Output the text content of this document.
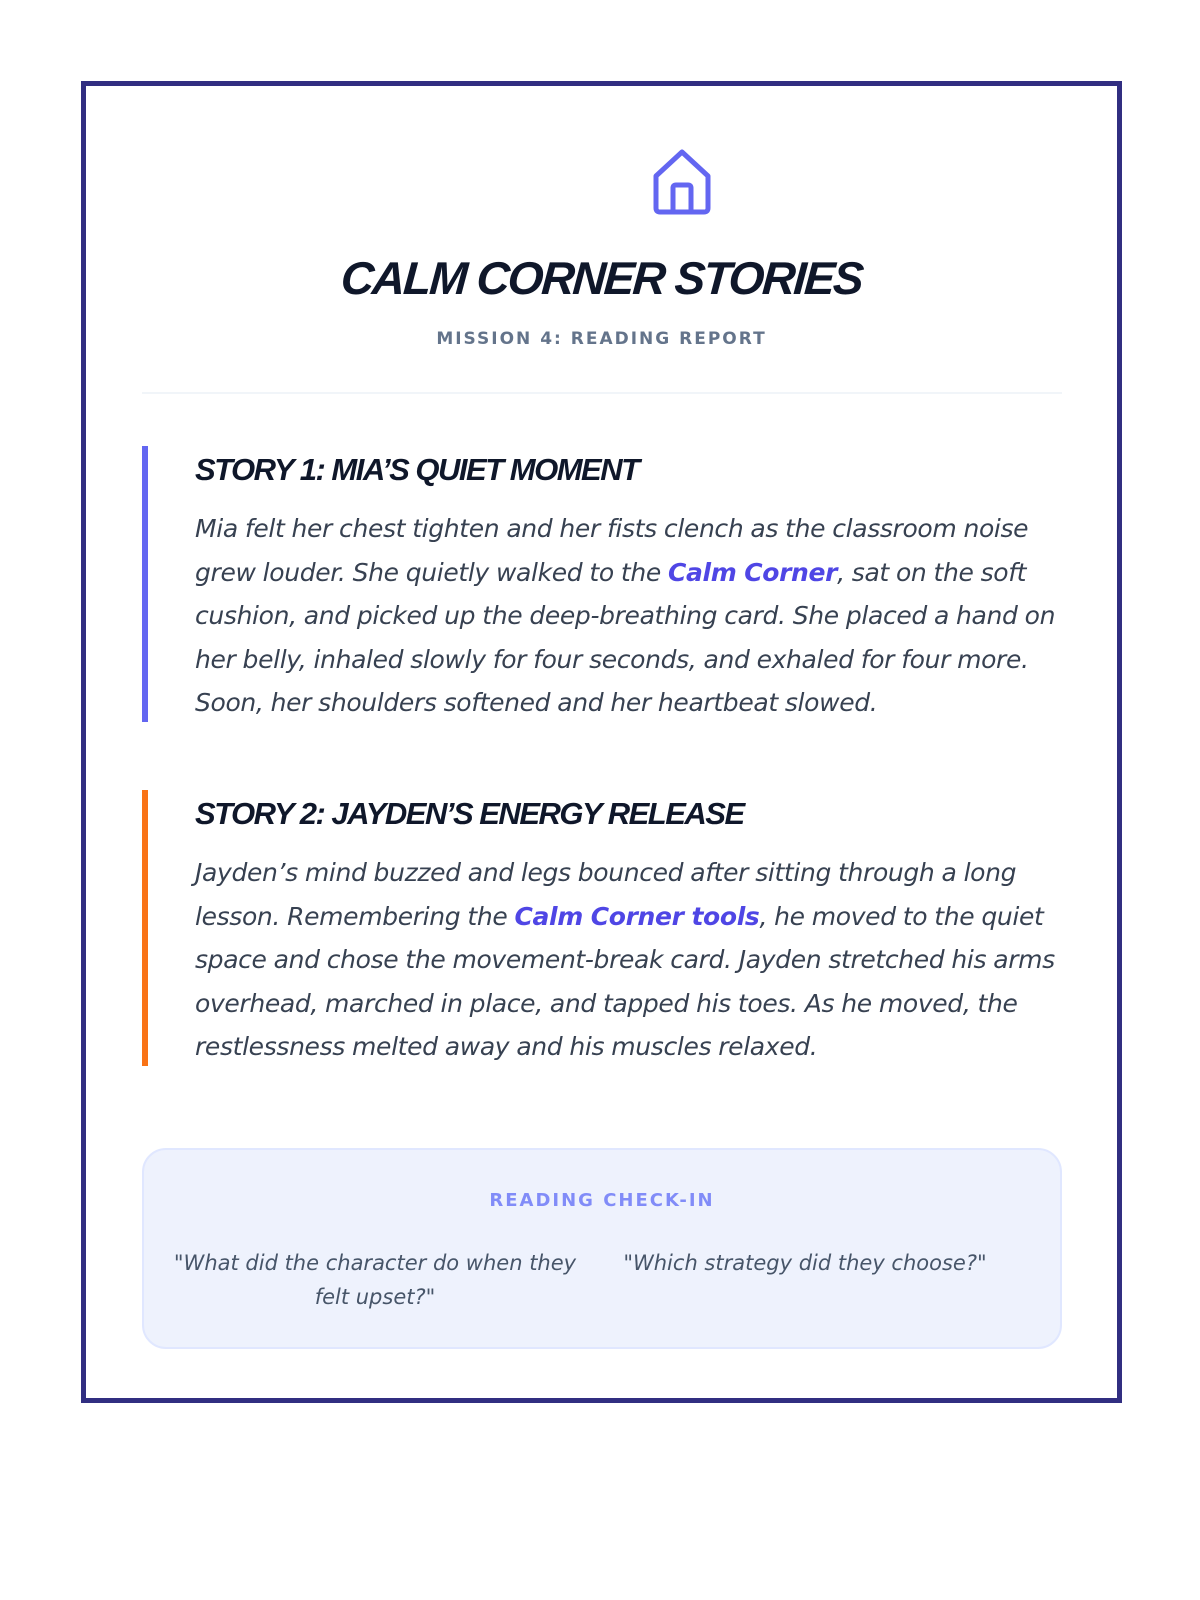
CALM CORNER STORIES
MISSION 4: READING REPORT
STORY 1: MIA’S QUIET MOMENT

Mia felt her chest tighten and her fists clench as the classroom noise grew louder. She quietly walked to the Calm Corner, sat on the soft cushion, and picked up the deep-breathing card. She placed a hand on her belly, inhaled slowly for four seconds, and exhaled for four more. Soon, her shoulders softened and her heartbeat slowed.

STORY 2: JAYDEN’S ENERGY RELEASE

Jayden’s mind buzzed and legs bounced after sitting through a long lesson. Remembering the Calm Corner tools, he moved to the quiet space and chose the movement-break card. Jayden stretched his arms overhead, marched in place, and tapped his toes. As he moved, the restlessness melted away and his muscles relaxed.

READING CHECK-IN
"What did the character do when they felt upset?"
"Which strategy did they choose?"
